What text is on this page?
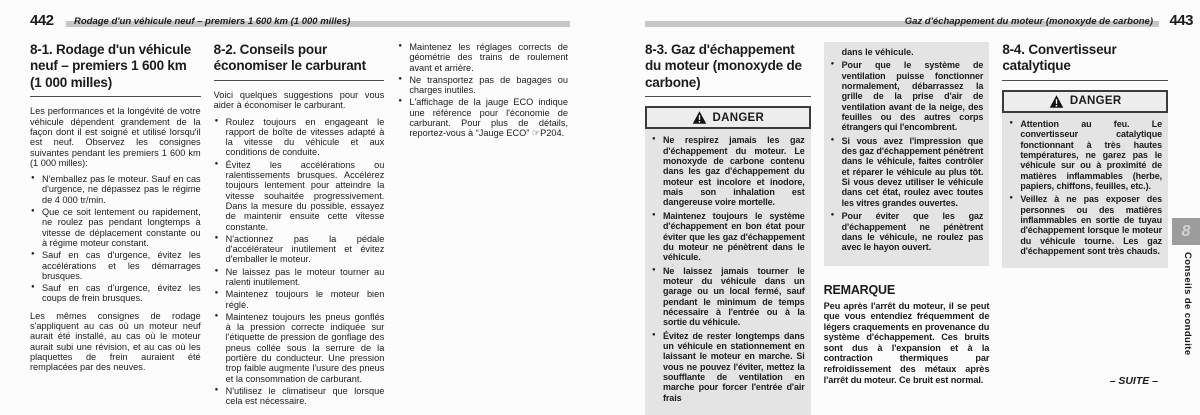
442 Rodage d'un véhicule neuf – premiers 1 600 km (1 000 milles)	Gaz d'échappement du moteur (monoxyde de carbone) 443
8-1. Rodage d'un véhicule neuf – premiers 1 600 km (1 000 milles)

Les performances et la longévité de votre véhicule dépendent grandement de la façon dont il est soigné et utilisé lorsqu'il est neuf. Observez les consignes suivantes pendant les premiers 1 600 km (1 000 milles):

● N'emballez pas le moteur. Sauf en cas d'urgence, ne dépassez pas le régime de 4 000 tr/min.
● Que ce soit lentement ou rapidement, ne roulez pas pendant longtemps à vitesse de déplacement constante ou à régime moteur constant.
● Sauf en cas d'urgence, évitez les accélérations et les démarrages brusques.
● Sauf en cas d'urgence, évitez les coups de frein brusques.

Les mêmes consignes de rodage s'appliquent au cas où un moteur neuf aurait été installé, au cas où le moteur aurait subi une révision, et au cas où les plaquettes de frein auraient été remplacées par des neuves.

8-2. Conseils pour économiser le carburant

Voici quelques suggestions pour vous aider à économiser le carburant.

● Roulez toujours en engageant le rapport de boîte de vitesses adapté à la vitesse du véhicule et aux conditions de conduite.
● Évitez les accélérations ou ralentissements brusques. Accélérez toujours lentement pour atteindre la vitesse souhaitée progressivement. Dans la mesure du possible, essayez de maintenir ensuite cette vitesse constante.
● N'actionnez pas la pédale d'accélérateur inutilement et évitez d'emballer le moteur.
● Ne laissez pas le moteur tourner au ralenti inutilement.
● Maintenez toujours le moteur bien réglé.
● Maintenez toujours les pneus gonflés à la pression correcte indiquée sur l'étiquette de pression de gonflage des pneus collée sous la serrure de la portière du conducteur. Une pression trop faible augmente l'usure des pneus et la consommation de carburant.
● N'utilisez le climatiseur que lorsque cela est nécessaire.
● Maintenez les réglages corrects de géométrie des trains de roulement avant et arrière.
● Ne transportez pas de bagages ou charges inutiles.
● L'affichage de la jauge ECO indique une référence pour l'économie de carburant. Pour plus de détails, reportez-vous à “Jauge ECO” ☞P204.
8-3. Gaz d'échappement du moteur (monoxyde de carbone)
DANGER
● Ne respirez jamais les gaz d'échappement du moteur. Le monoxyde de carbone contenu dans les gaz d'échappement du moteur est incolore et inodore, mais son inhalation est dangereuse voire mortelle.
● Maintenez toujours le système d'échappement en bon état pour éviter que les gaz d'échappement du moteur ne pénètrent dans le véhicule.
● Ne laissez jamais tourner le moteur du véhicule dans un garage ou un local fermé, sauf pendant le minimum de temps nécessaire à l'entrée ou à la sortie du véhicule.
● Évitez de rester longtemps dans un véhicule en stationnement en laissant le moteur en marche. Si vous ne pouvez l'éviter, mettez la soufflante de ventilation en marche pour forcer l'entrée d'air frais

dans le véhicule.

● Pour que le système de ventilation puisse fonctionner normalement, débarrassez la grille de la prise d'air de ventilation avant de la neige, des feuilles ou des autres corps étrangers qui l'encombrent.
● Si vous avez l'impression que des gaz d'échappement pénètrent dans le véhicule, faites contrôler et réparer le véhicule au plus tôt. Si vous devez utiliser le véhicule dans cet état, roulez avec toutes les vitres grandes ouvertes.
● Pour éviter que les gaz d'échappement ne pénètrent dans le véhicule, ne roulez pas avec le hayon ouvert.
REMARQUE

Peu après l'arrêt du moteur, il se peut que vous entendiez fréquemment de légers craquements en provenance du système d'échappement. Ces bruits sont dus à l'expansion et à la contraction thermiques par refroidissement des métaux après l'arrêt du moteur. Ce bruit est normal.

8-4. Convertisseur catalytique
DANGER
● Attention au feu. Le convertisseur catalytique fonctionnant à très hautes températures, ne garez pas le véhicule sur ou à proximité de matières inflammables (herbe, papiers, chiffons, feuilles, etc.).
● Veillez à ne pas exposer des personnes ou des matières inflammables en sortie de tuyau d'échappement lorsque le moteur du véhicule tourne. Les gaz d'échappement sont très chauds.
8
Conseils de conduite
– SUITE –
